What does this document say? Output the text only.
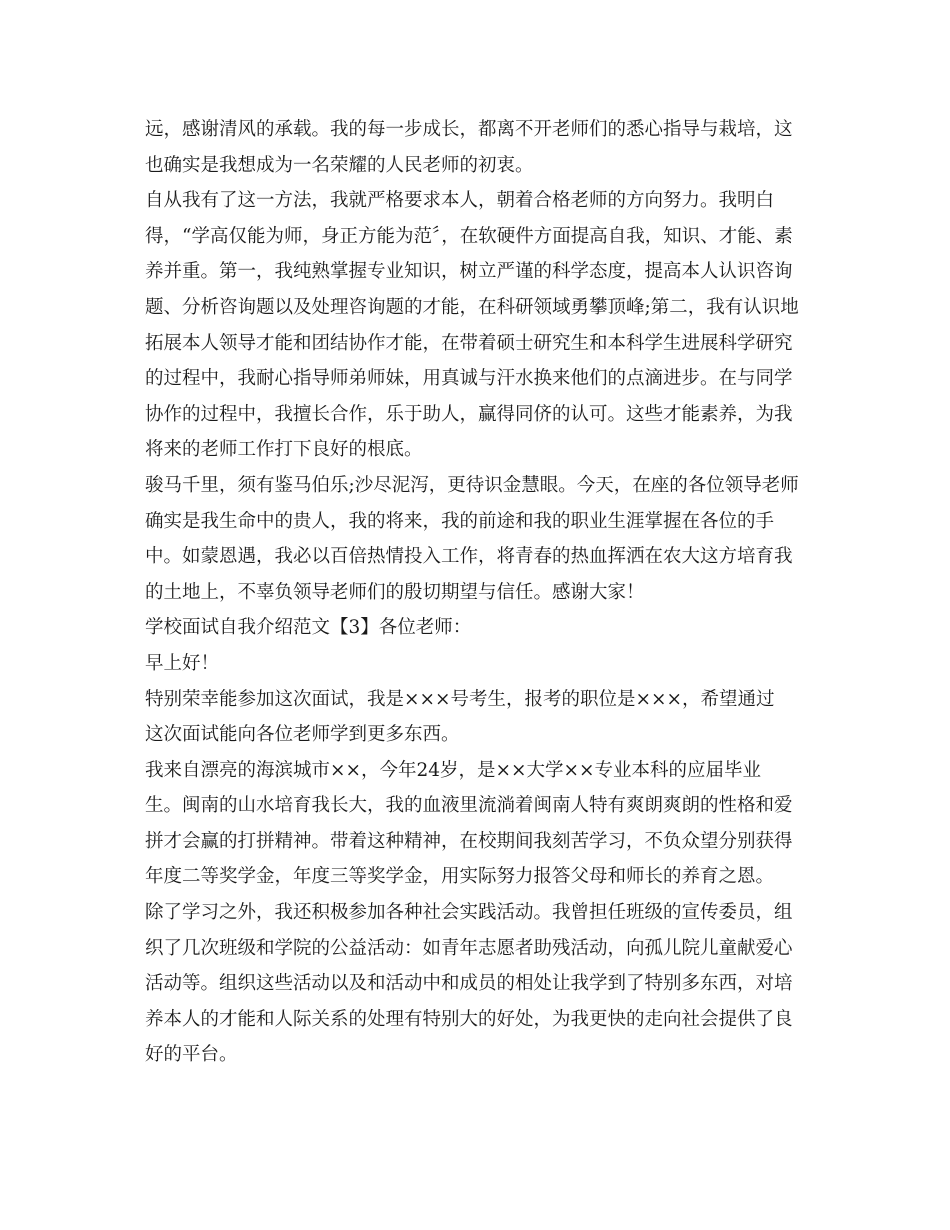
远，感谢清风的承载。我的每一步成长，都离不开老师们的悉心指导与栽培，这
也确实是我想成为一名荣耀的人民老师的初衷。
自从我有了这一方法，我就严格要求本人，朝着合格老师的方向努力。我明白
得，“学高仅能为师，身正方能为范〞，在软硬件方面提高自我，知识、才能、素
养并重。第一，我纯熟掌握专业知识，树立严谨的科学态度，提高本人认识咨询
题、分析咨询题以及处理咨询题的才能，在科研领域勇攀顶峰;第二，我有认识地
拓展本人领导才能和团结协作才能，在带着硕士研究生和本科学生进展科学研究
的过程中，我耐心指导师弟师妹，用真诚与汗水换来他们的点滴进步。在与同学
协作的过程中，我擅长合作，乐于助人，赢得同侪的认可。这些才能素养，为我
将来的老师工作打下良好的根底。
骏马千里，须有鉴马伯乐;沙尽泥泻，更待识金慧眼。今天，在座的各位领导老师
确实是我生命中的贵人，我的将来，我的前途和我的职业生涯掌握在各位的手
中。如蒙恩遇，我必以百倍热情投入工作，将青春的热血挥洒在农大这方培育我
的土地上，不辜负领导老师们的殷切期望与信任。感谢大家！
学校面试自我介绍范文【3】各位老师：
早上好！
特别荣幸能参加这次面试，我是×××号考生，报考的职位是×××，希望通过
这次面试能向各位老师学到更多东西。
我来自漂亮的海滨城市××，今年24岁，是××大学××专业本科的应届毕业
生。闽南的山水培育我长大，我的血液里流淌着闽南人特有爽朗爽朗的性格和爱
拼才会赢的打拼精神。带着这种精神，在校期间我刻苦学习，不负众望分别获得
年度二等奖学金，年度三等奖学金，用实际努力报答父母和师长的养育之恩。
除了学习之外，我还积极参加各种社会实践活动。我曾担任班级的宣传委员，组
织了几次班级和学院的公益活动：如青年志愿者助残活动，向孤儿院儿童献爱心
活动等。组织这些活动以及和活动中和成员的相处让我学到了特别多东西，对培
养本人的才能和人际关系的处理有特别大的好处，为我更快的走向社会提供了良
好的平台。
